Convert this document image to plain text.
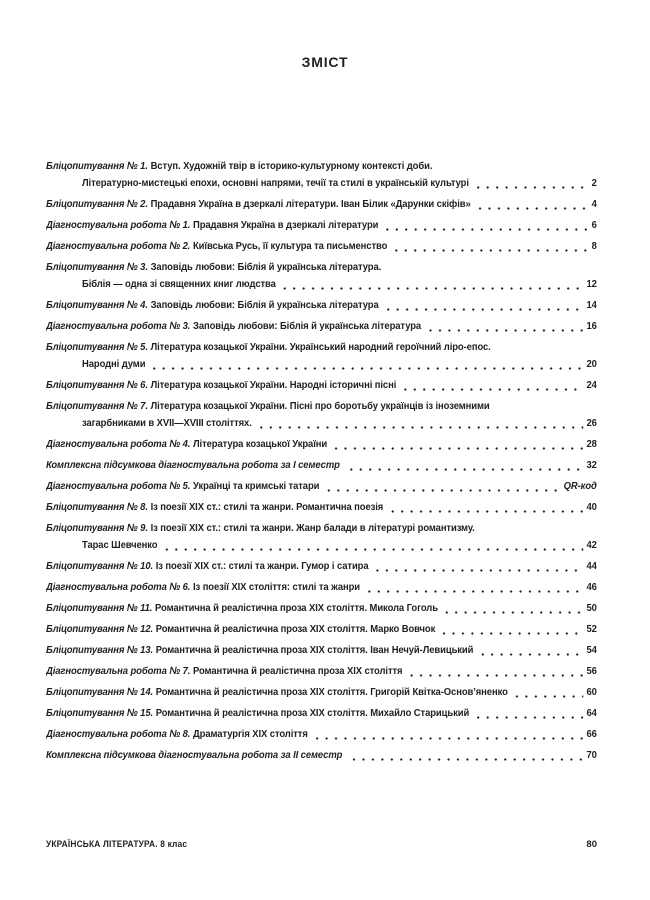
ЗМІСТ
Бліцопитування № 1. Вступ. Художній твір в історико-культурному контексті доби.
Літературно-мистецькі епохи, основні напрями, течії та стилі в українській культурі	2
Бліцопитування № 2. Прадавня Україна в дзеркалі літератури. Іван Білик «Дарунки скіфів»	4
Діагностувальна робота № 1. Прадавня Україна в дзеркалі літератури	6
Діагностувальна робота № 2. Київська Русь, її культура та письменство	8
Бліцопитування № 3. Заповідь любови: Біблія й українська література.
Біблія — одна зі священних книг людства	12
Бліцопитування № 4. Заповідь любови: Біблія й українська література	14
Діагностувальна робота № 3. Заповідь любови: Біблія й українська література	16
Бліцопитування № 5. Література козацької України. Український народний героїчний ліро-епос.
Народні думи	20
Бліцопитування № 6. Література козацької України. Народні історичні пісні	24
Бліцопитування № 7. Література козацької України. Пісні про боротьбу українців із іноземними
загарбниками в XVII—XVIII століттях.	26
Діагностувальна робота № 4. Література козацької України	28
Комплексна підсумкова діагностувальна робота за I семестр	32
Діагностувальна робота № 5. Українці та кримські татари	QR-код
Бліцопитування № 8. Із поезії XIX ст.: стилі та жанри. Романтична поезія	40
Бліцопитування № 9. Із поезії XIX ст.: стилі та жанри. Жанр балади в літературі романтизму.
Тарас Шевченко	42
Бліцопитування № 10. Із поезії XIX ст.: стилі та жанри. Гумор і сатира	44
Діагностувальна робота № 6. Із поезії XIX століття: стилі та жанри	46
Бліцопитування № 11. Романтична й реалістична проза XIX століття. Микола Гоголь	50
Бліцопитування № 12. Романтична й реалістична проза XIX століття. Марко Вовчок	52
Бліцопитування № 13. Романтична й реалістична проза XIX століття. Іван Нечуй-Левицький	54
Діагностувальна робота № 7. Романтична й реалістична проза XIX століття	56
Бліцопитування № 14. Романтична й реалістична проза XIX століття. Григорій Квітка-Основ’яненко	60
Бліцопитування № 15. Романтична й реалістична проза XIX століття. Михайло Старицький	64
Діагностувальна робота № 8. Драматургія XIX століття	66
Комплексна підсумкова діагностувальна робота за II семестр	70
УКРАЇНСЬКА ЛІТЕРАТУРА. 8 клас	80
